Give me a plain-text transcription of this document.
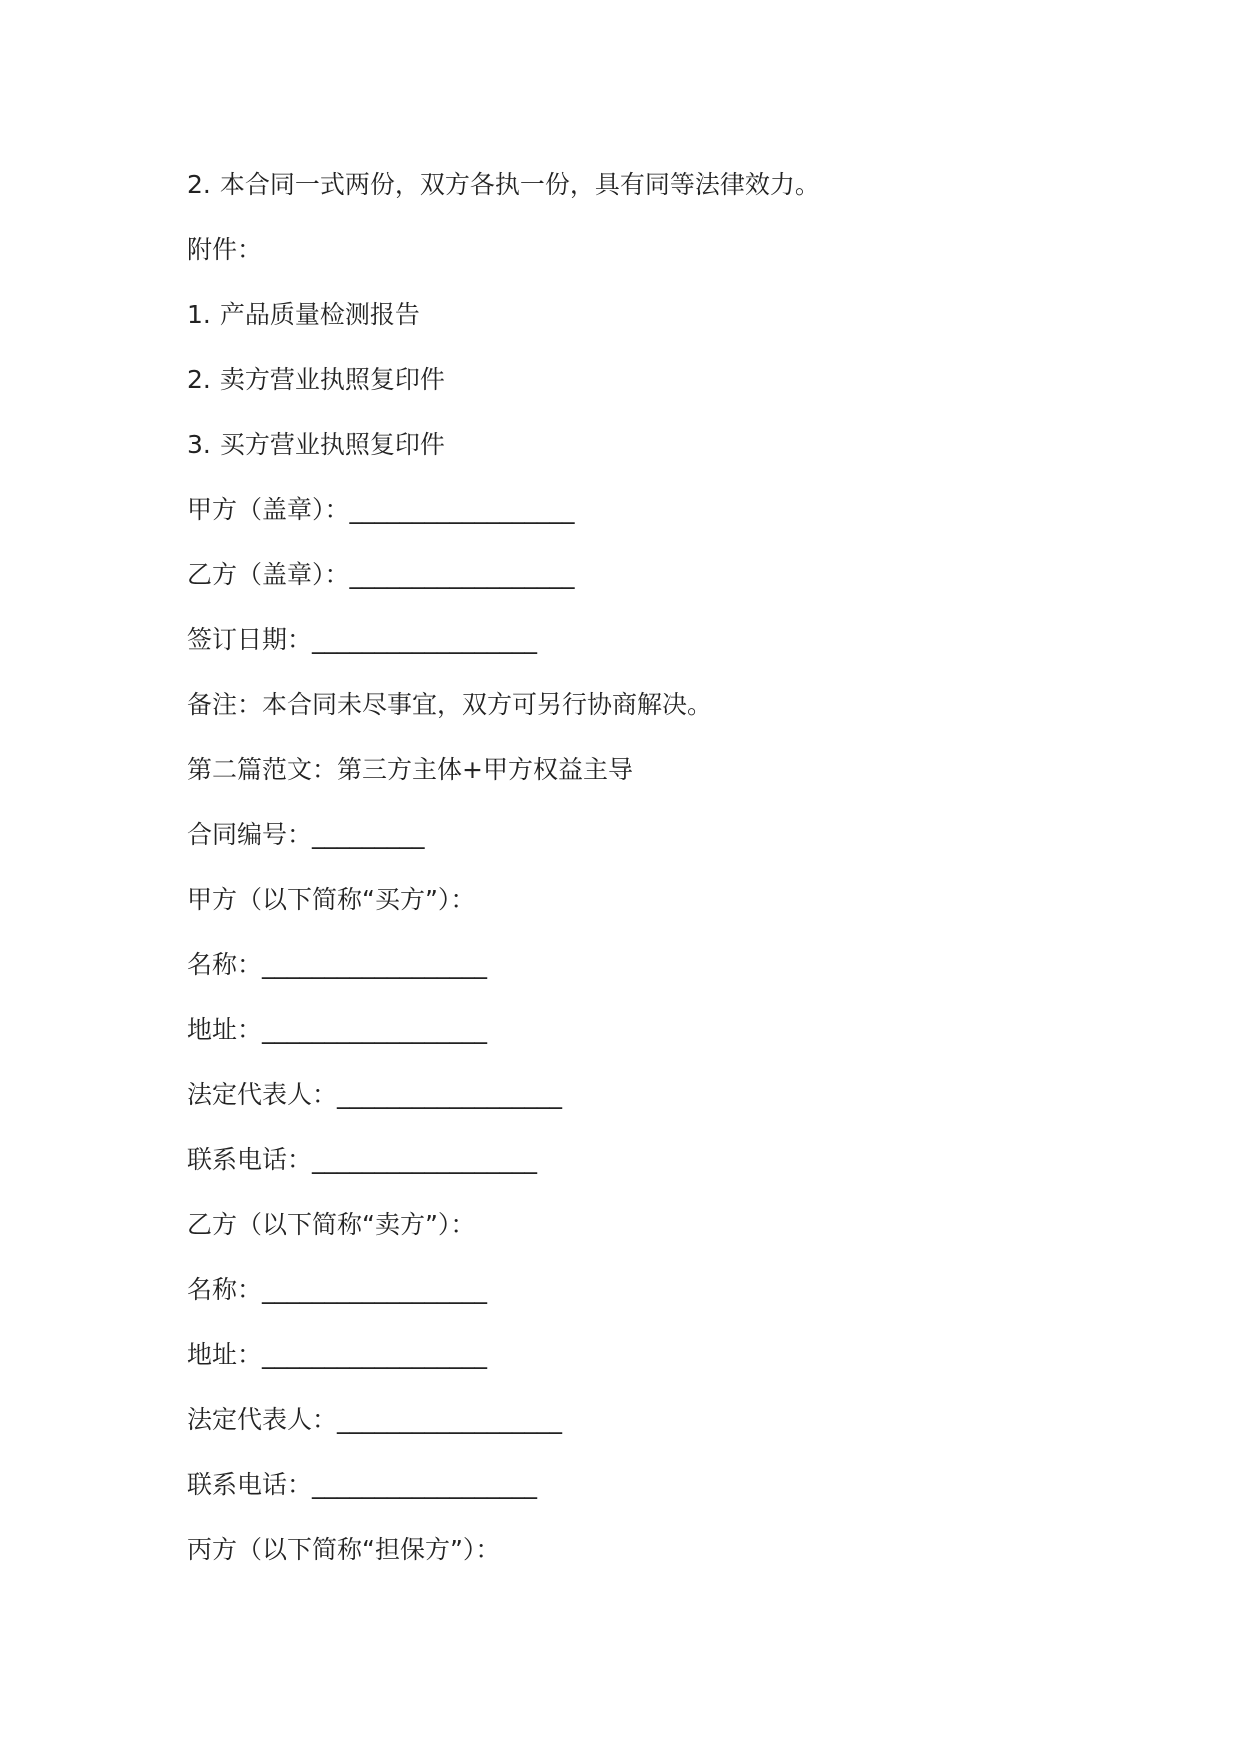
2. 本合同一式两份，双方各执一份，具有同等法律效力。
附件：
1. 产品质量检测报告
2. 卖方营业执照复印件
3. 买方营业执照复印件
甲方（盖章）：__________________
乙方（盖章）：__________________
签订日期：__________________
备注：本合同未尽事宜，双方可另行协商解决。
第二篇范文：第三方主体+甲方权益主导
合同编号：_________
甲方（以下简称“买方”）：
名称：__________________
地址：__________________
法定代表人：__________________
联系电话：__________________
乙方（以下简称“卖方”）：
名称：__________________
地址：__________________
法定代表人：__________________
联系电话：__________________
丙方（以下简称“担保方”）：
